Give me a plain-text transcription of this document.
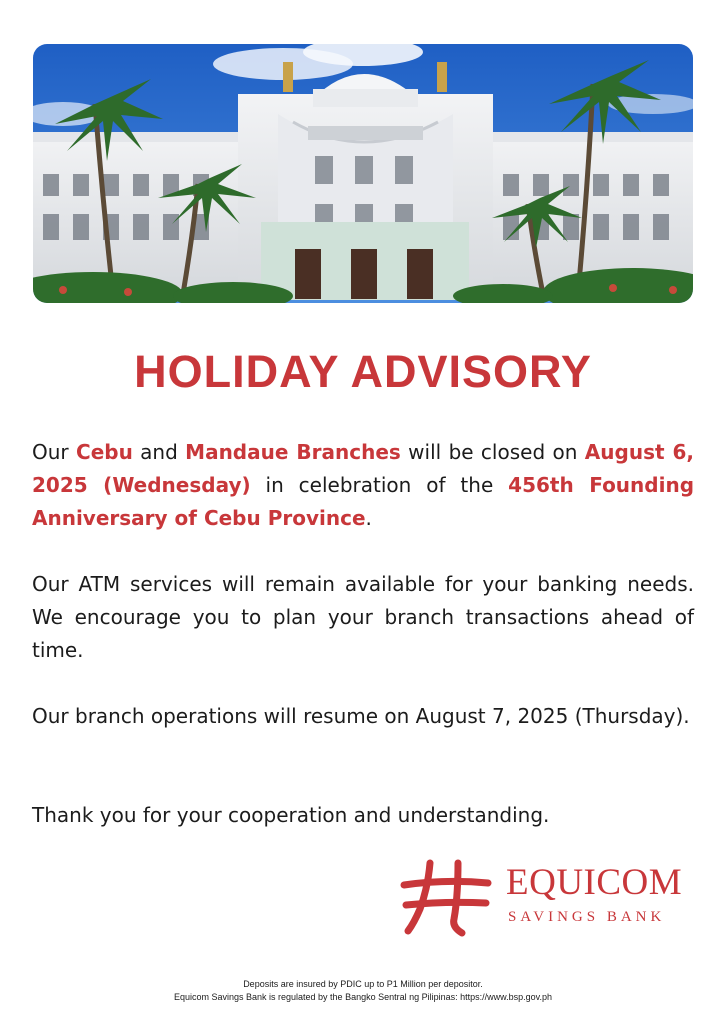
HOLIDAY ADVISORY

Our Cebu and Mandaue Branches will be closed on August 6, 2025 (Wednesday) in celebration of the 456th Founding Anniversary of Cebu Province.

Our ATM services will remain available for your banking needs. We encourage you to plan your branch transactions ahead of time.

Our branch operations will resume on August 7, 2025 (Thursday).

Thank you for your cooperation and understanding.

EQUICOM
SAVINGS BANK
Deposits are insured by PDIC up to P1 Million per depositor.
Equicom Savings Bank is regulated by the Bangko Sentral ng Pilipinas: https://www.bsp.gov.ph
